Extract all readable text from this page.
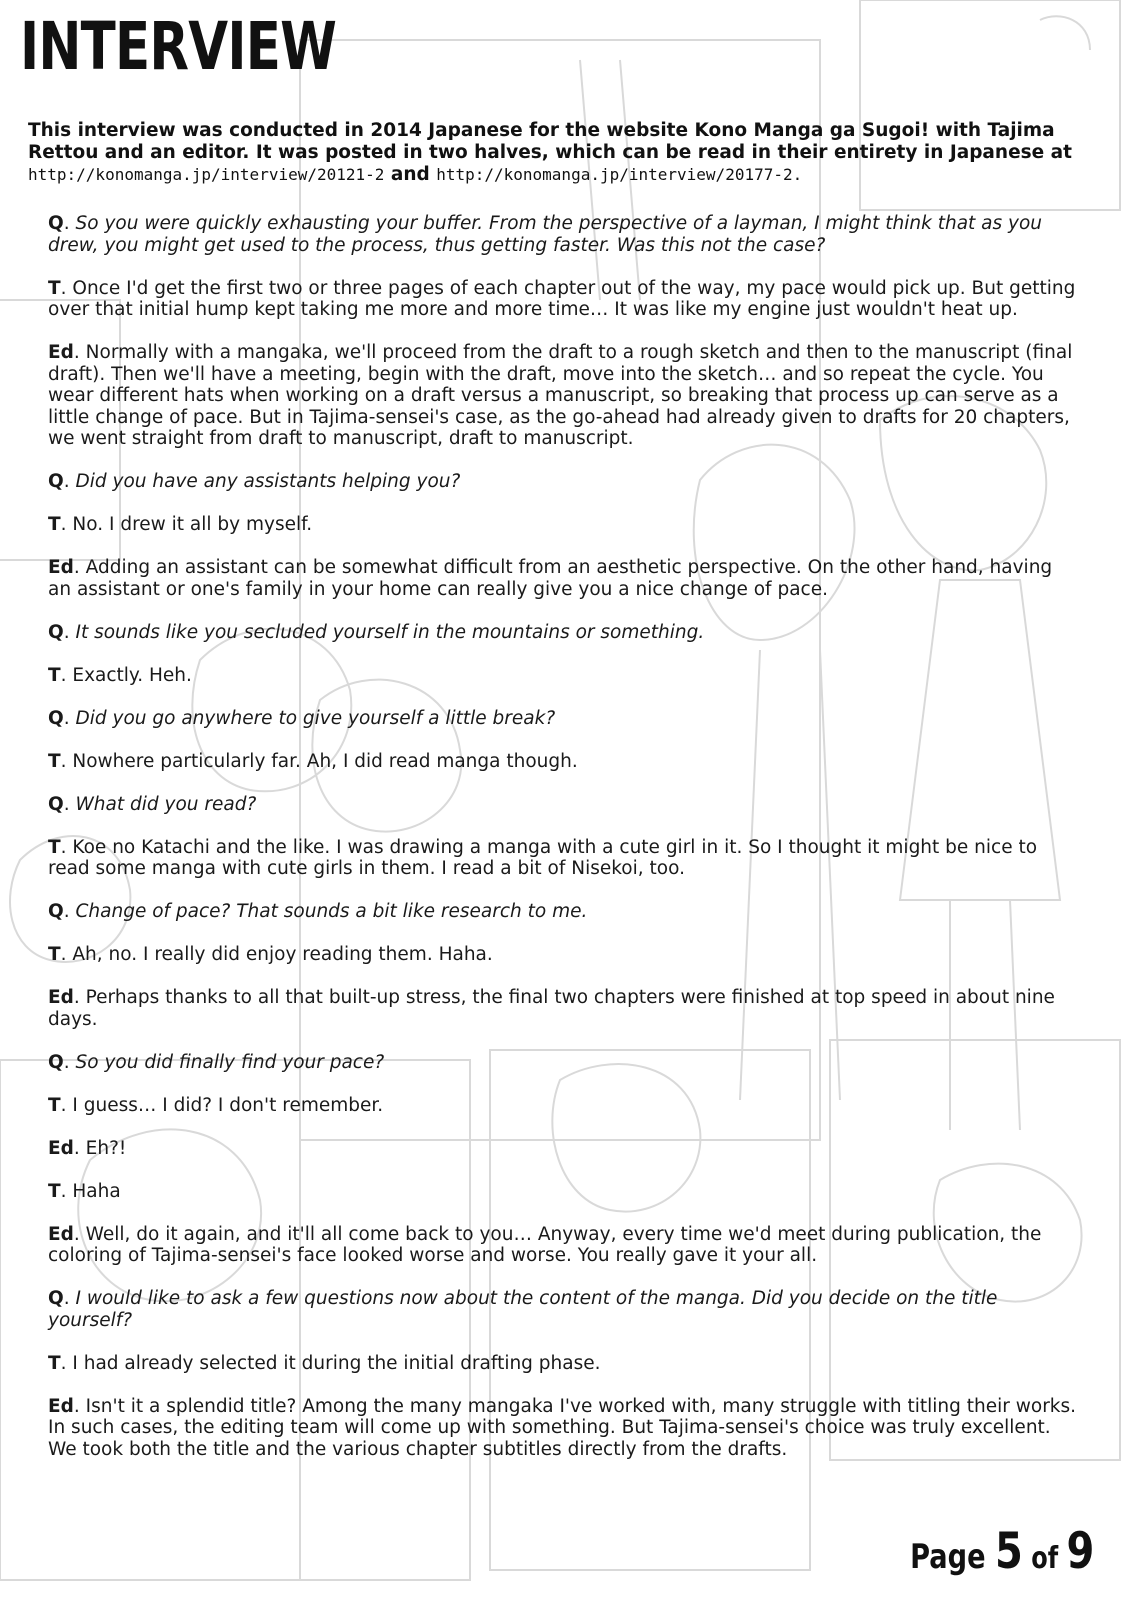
INTERVIEW

This interview was conducted in 2014 Japanese for the website Kono Manga ga Sugoi! with Tajima Rettou and an editor. It was posted in two halves, which can be read in their entirety in Japanese at http://konomanga.jp/interview/20121-2 and http://konomanga.jp/interview/20177-2.

Q. So you were quickly exhausting your buffer. From the perspective of a layman, I might think that as you drew, you might get used to the process, thus getting faster. Was this not the case?

T. Once I'd get the first two or three pages of each chapter out of the way, my pace would pick up. But getting over that initial hump kept taking me more and more time… It was like my engine just wouldn't heat up.

Ed. Normally with a mangaka, we'll proceed from the draft to a rough sketch and then to the manuscript (final draft). Then we'll have a meeting, begin with the draft, move into the sketch… and so repeat the cycle. You wear different hats when working on a draft versus a manuscript, so breaking that process up can serve as a little change of pace. But in Tajima-sensei's case, as the go-ahead had already given to drafts for 20 chapters, we went straight from draft to manuscript, draft to manuscript.

Q. Did you have any assistants helping you?

T. No. I drew it all by myself.

Ed. Adding an assistant can be somewhat difficult from an aesthetic perspective. On the other hand, having an assistant or one's family in your home can really give you a nice change of pace.

Q. It sounds like you secluded yourself in the mountains or something.

T. Exactly. Heh.

Q. Did you go anywhere to give yourself a little break?

T. Nowhere particularly far. Ah, I did read manga though.

Q. What did you read?

T. Koe no Katachi and the like. I was drawing a manga with a cute girl in it. So I thought it might be nice to read some manga with cute girls in them. I read a bit of Nisekoi, too.

Q. Change of pace? That sounds a bit like research to me.

T. Ah, no. I really did enjoy reading them. Haha.

Ed. Perhaps thanks to all that built-up stress, the final two chapters were finished at top speed in about nine days.

Q. So you did finally find your pace?

T. I guess… I did? I don't remember.

Ed. Eh?!

T. Haha

Ed. Well, do it again, and it'll all come back to you… Anyway, every time we'd meet during publication, the coloring of Tajima-sensei's face looked worse and worse. You really gave it your all.

Q. I would like to ask a few questions now about the content of the manga. Did you decide on the title yourself?

T. I had already selected it during the initial drafting phase.

Ed. Isn't it a splendid title? Among the many mangaka I've worked with, many struggle with titling their works. In such cases, the editing team will come up with something. But Tajima-sensei's choice was truly excellent. We took both the title and the various chapter subtitles directly from the drafts.

Page 5 of 9
